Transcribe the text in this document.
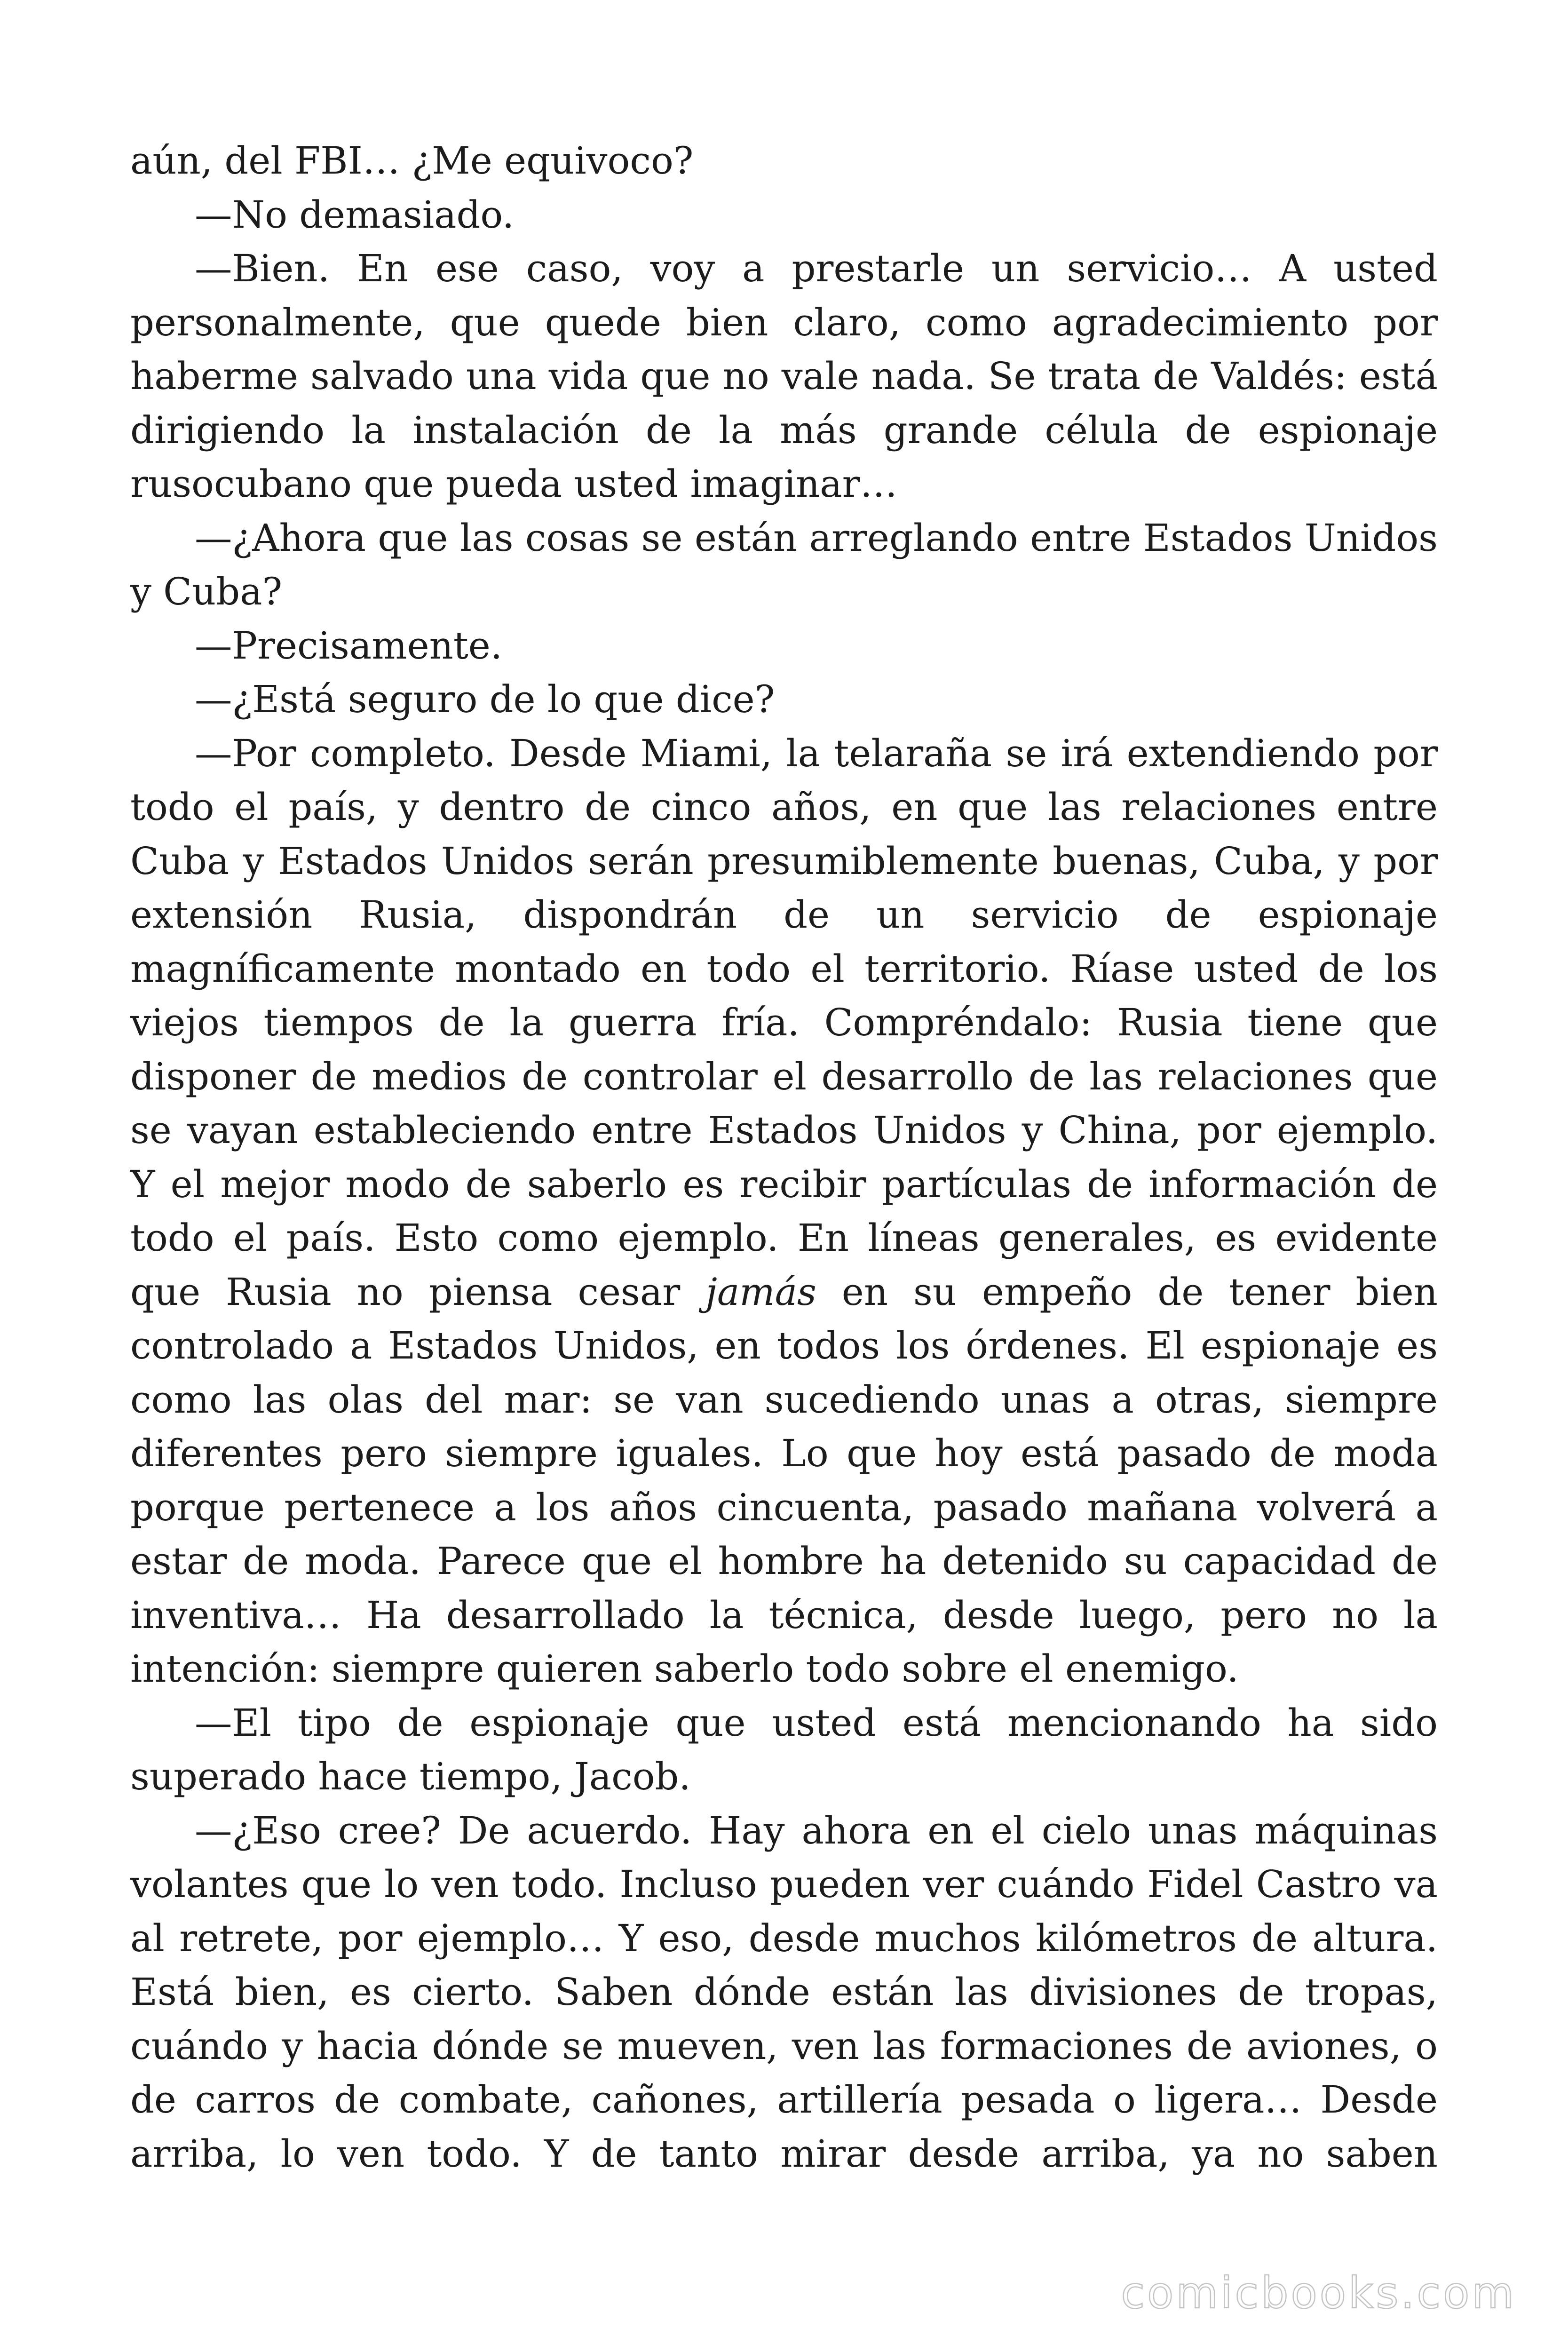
aún, del FBI… ¿Me equivoco?

—No demasiado.

—Bien. En ese caso, voy a prestarle un servicio… A usted personalmente, que quede bien claro, como agradecimiento por haberme salvado una vida que no vale nada. Se trata de Valdés: está dirigiendo la instalación de la más grande célula de espionaje rusocubano que pueda usted imaginar…

—¿Ahora que las cosas se están arreglando entre Estados Unidos y Cuba?

—Precisamente.

—¿Está seguro de lo que dice?

—Por completo. Desde Miami, la telaraña se irá extendiendo por todo el país, y dentro de cinco años, en que las relaciones entre Cuba y Estados Unidos serán presumiblemente buenas, Cuba, y por extensión Rusia, dispondrán de un servicio de espionaje magníficamente montado en todo el territorio. Ríase usted de los viejos tiempos de la guerra fría. Compréndalo: Rusia tiene que disponer de medios de controlar el desarrollo de las relaciones que se vayan estableciendo entre Estados Unidos y China, por ejemplo. Y el mejor modo de saberlo es recibir partículas de información de todo el país. Esto como ejemplo. En líneas generales, es evidente que Rusia no piensa cesar jamás en su empeño de tener bien controlado a Estados Unidos, en todos los órdenes. El espionaje es como las olas del mar: se van sucediendo unas a otras, siempre diferentes pero siempre iguales. Lo que hoy está pasado de moda porque pertenece a los años cincuenta, pasado mañana volverá a estar de moda. Parece que el hombre ha detenido su capacidad de inventiva… Ha desarrollado la técnica, desde luego, pero no la intención: siempre quieren saberlo todo sobre el enemigo.

—El tipo de espionaje que usted está mencionando ha sido superado hace tiempo, Jacob.

—¿Eso cree? De acuerdo. Hay ahora en el cielo unas máquinas volantes que lo ven todo. Incluso pueden ver cuándo Fidel Castro va al retrete, por ejemplo… Y eso, desde muchos kilómetros de altura. Está bien, es cierto. Saben dónde están las divisiones de tropas, cuándo y hacia dónde se mueven, ven las formaciones de aviones, o de carros de combate, cañones, artillería pesada o ligera… Desde arriba, lo ven todo. Y de tanto mirar desde arriba, ya no saben

comicbooks.com
